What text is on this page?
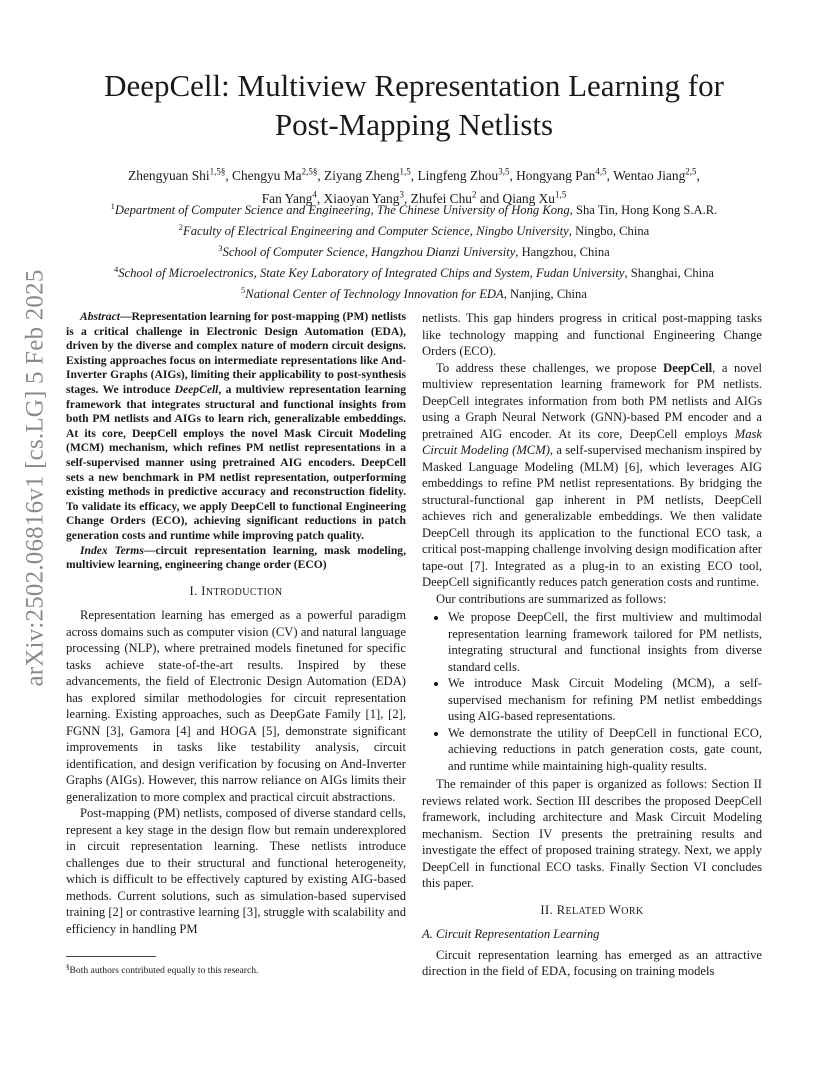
arXiv:2502.06816v1 [cs.LG] 5 Feb 2025
DeepCell: Multiview Representation Learning for
Post-Mapping Netlists
Zhengyuan Shi$^{1,5\S}$, Chengyu $Ma^{2,5\S}$, Ziyang Zheng$^{1,5}$, Lingfeng Zhou$^{3,5}$, Hongyang Pan$^{4,5}$, Wentao Jiang$^{2,5}$,
Fan Yang$^4$, Xiaoyan Yang$^3$, Zhufei Chu$^2$ and Qiang Xu$^{1,5}$
$^1$Department of Computer Science and Engineering, The Chinese University of Hong Kong, Sha Tin, Hong Kong S.A.R.
$^2$Faculty of Electrical Engineering and Computer Science, Ningbo University, Ningbo, China
$^3$School of Computer Science, Hangzhou Dianzi University, Hangzhou, China
$^4$School of Microelectronics, State Key Laboratory of Integrated Chips and System, Fudan University, Shanghai, China
$^5$National Center of Technology Innovation for EDA, Nanjing, China

Abstract—Representation learning for post-mapping (PM) netlists is a critical challenge in Electronic Design Automation (EDA), driven by the diverse and complex nature of modern circuit designs. Existing approaches focus on intermediate representations like And-Inverter Graphs (AIGs), limiting their applicability to post-synthesis stages. We introduce DeepCell, a multiview representation learning framework that integrates structural and functional insights from both PM netlists and AIGs to learn rich, generalizable embeddings. At its core, DeepCell employs the novel Mask Circuit Modeling (MCM) mechanism, which refines PM netlist representations in a self-supervised manner using pretrained AIG encoders. DeepCell sets a new benchmark in PM netlist representation, outperforming existing methods in predictive accuracy and reconstruction fidelity. To validate its efficacy, we apply DeepCell to functional Engineering Change Orders (ECO), achieving significant reductions in patch generation costs and runtime while improving patch quality.

Index Terms—circuit representation learning, mask modeling, multiview learning, engineering change order (ECO)

I. INTRODUCTION

Representation learning has emerged as a powerful paradigm across domains such as computer vision (CV) and natural language processing (NLP), where pretrained models finetuned for specific tasks achieve state-of-the-art results. Inspired by these advancements, the field of Electronic Design Automation (EDA) has explored similar methodologies for circuit representation learning. Existing approaches, such as DeepGate Family [1], [2], FGNN [3], Gamora [4] and HOGA [5], demonstrate significant improvements in tasks like testability analysis, circuit identification, and design verification by focusing on And-Inverter Graphs (AIGs). However, this narrow reliance on AIGs limits their generalization to more complex and practical circuit abstractions.

Post-mapping (PM) netlists, composed of diverse standard cells, represent a key stage in the design flow but remain underexplored in circuit representation learning. These netlists introduce challenges due to their structural and functional heterogeneity, which is difficult to be effectively captured by existing AIG-based methods. Current solutions, such as simulation-based supervised training [2] or contrastive learning [3], struggle with scalability and efficiency in handling PM

netlists. This gap hinders progress in critical post-mapping tasks like technology mapping and functional Engineering Change Orders (ECO).

To address these challenges, we propose DeepCell, a novel multiview representation learning framework for PM netlists. DeepCell integrates information from both PM netlists and AIGs using a Graph Neural Network (GNN)-based PM encoder and a pretrained AIG encoder. At its core, DeepCell employs Mask Circuit Modeling (MCM), a self-supervised mechanism inspired by Masked Language Modeling (MLM) [6], which leverages AIG embeddings to refine PM netlist representations. By bridging the structural-functional gap inherent in PM netlists, DeepCell achieves rich and generalizable embeddings. We then validate DeepCell through its application to the functional ECO task, a critical post-mapping challenge involving design modification after tape-out [7]. Integrated as a plug-in to an existing ECO tool, DeepCell significantly reduces patch generation costs and runtime.

Our contributions are summarized as follows:

• We propose DeepCell, the first multiview and multimodal representation learning framework tailored for PM netlists, integrating structural and functional insights from diverse standard cells.
• We introduce Mask Circuit Modeling (MCM), a self-supervised mechanism for refining PM netlist embeddings using AIG-based representations.
• We demonstrate the utility of DeepCell in functional ECO, achieving reductions in patch generation costs, gate count, and runtime while maintaining high-quality results.

The remainder of this paper is organized as follows: Section II reviews related work. Section III describes the proposed DeepCell framework, including architecture and Mask Circuit Modeling mechanism. Section IV presents the pretraining results and investigate the effect of proposed training strategy. Next, we apply DeepCell in functional ECO tasks. Finally Section VI concludes this paper.

II. RELATED WORK
A. Circuit Representation Learning

Circuit representation learning has emerged as an attractive direction in the field of EDA, focusing on training models

§Both authors contributed equally to this research.
